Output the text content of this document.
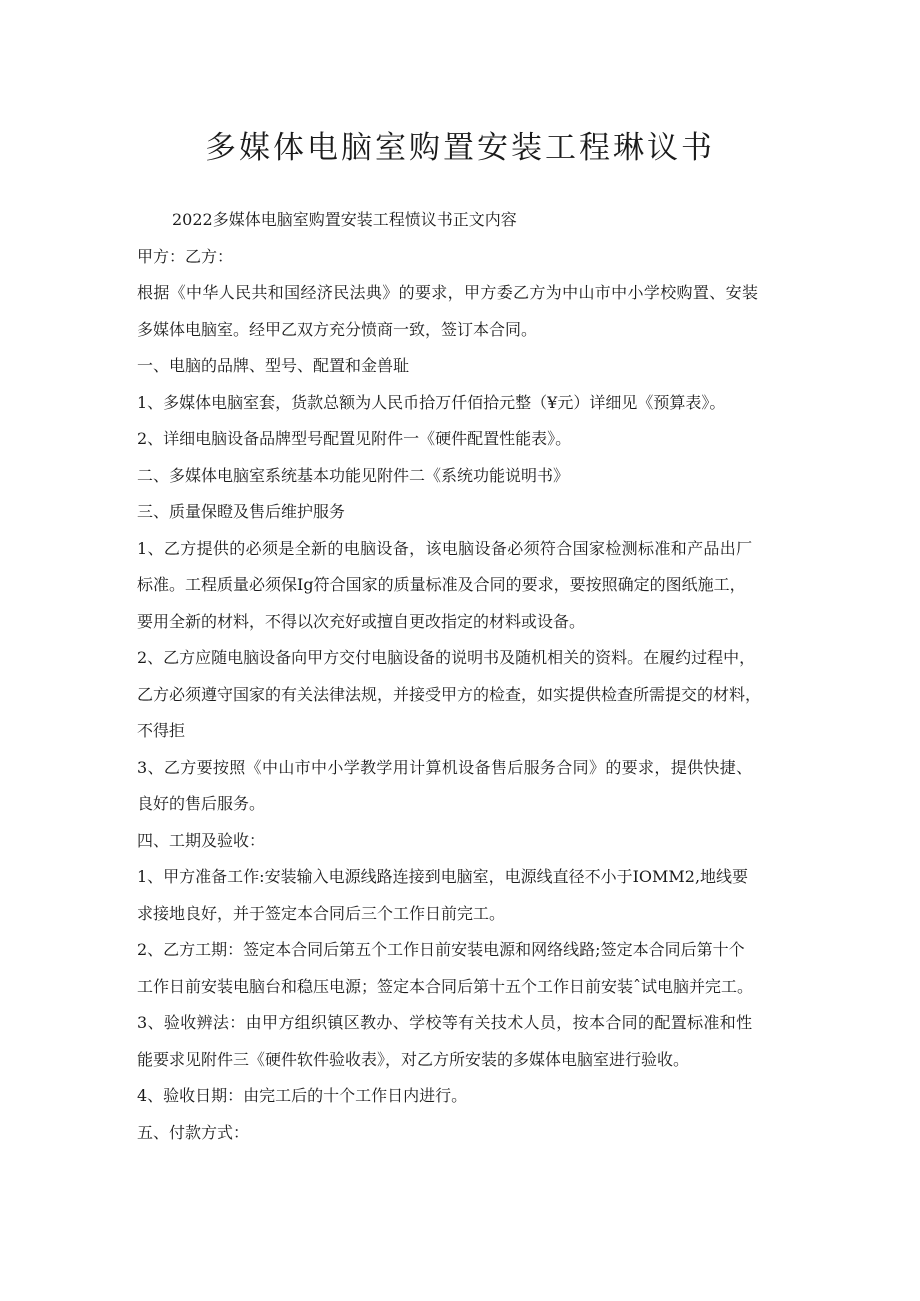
多媒体电脑室购置安装工程琳议书

2022多媒体电脑室购置安装工程愤议书正文内容

甲方：乙方：

根据《中华人民共和国经济民法典》的要求，甲方委乙方为中山市中小学校购置、安装

多媒体电脑室。经甲乙双方充分愤商一致，签订本合同。

一、电脑的品牌、型号、配置和金兽耻

1、多媒体电脑室套，货款总额为人民币拾万仟佰拾元整（¥元）详细见《预算表》。

2、详细电脑设备品牌型号配置见附件一《硬件配置性能表》。

二、多媒体电脑室系统基本功能见附件二《系统功能说明书》

三、质量保瞪及售后维护服务

1、乙方提供的必须是全新的电脑设备，该电脑设备必须符合国家检测标准和产品出厂

标准。工程质量必须保Ig符合国家的质量标准及合同的要求，要按照确定的图纸施工，

要用全新的材料，不得以次充好或擅自更改指定的材料或设备。

2、乙方应随电脑设备向甲方交付电脑设备的说明书及随机相关的资料。在履约过程中，

乙方必须遵守国家的有关法律法规，并接受甲方的检查，如实提供检查所需提交的材料，

不得拒

3、乙方要按照《中山市中小学教学用计算机设备售后服务合同》的要求，提供快捷、

良好的售后服务。

四、工期及验收：

1、甲方准备工作:安装输入电源线路连接到电脑室，电源线直径不小于IOMM2,地线要

求接地良好，并于签定本合同后三个工作日前完工。

2、乙方工期：签定本合同后第五个工作日前安装电源和网络线路;签定本合同后第十个

工作日前安装电脑台和稳压电源；签定本合同后第十五个工作日前安装ˆ试电脑并完工。

3、验收辨法：由甲方组织镇区教办、学校等有关技术人员，按本合同的配置标准和性

能要求见附件三《硬件软件验收表》，对乙方所安装的多媒体电脑室进行验收。

4、验收日期：由完工后的十个工作日内进行。

五、付款方式：
